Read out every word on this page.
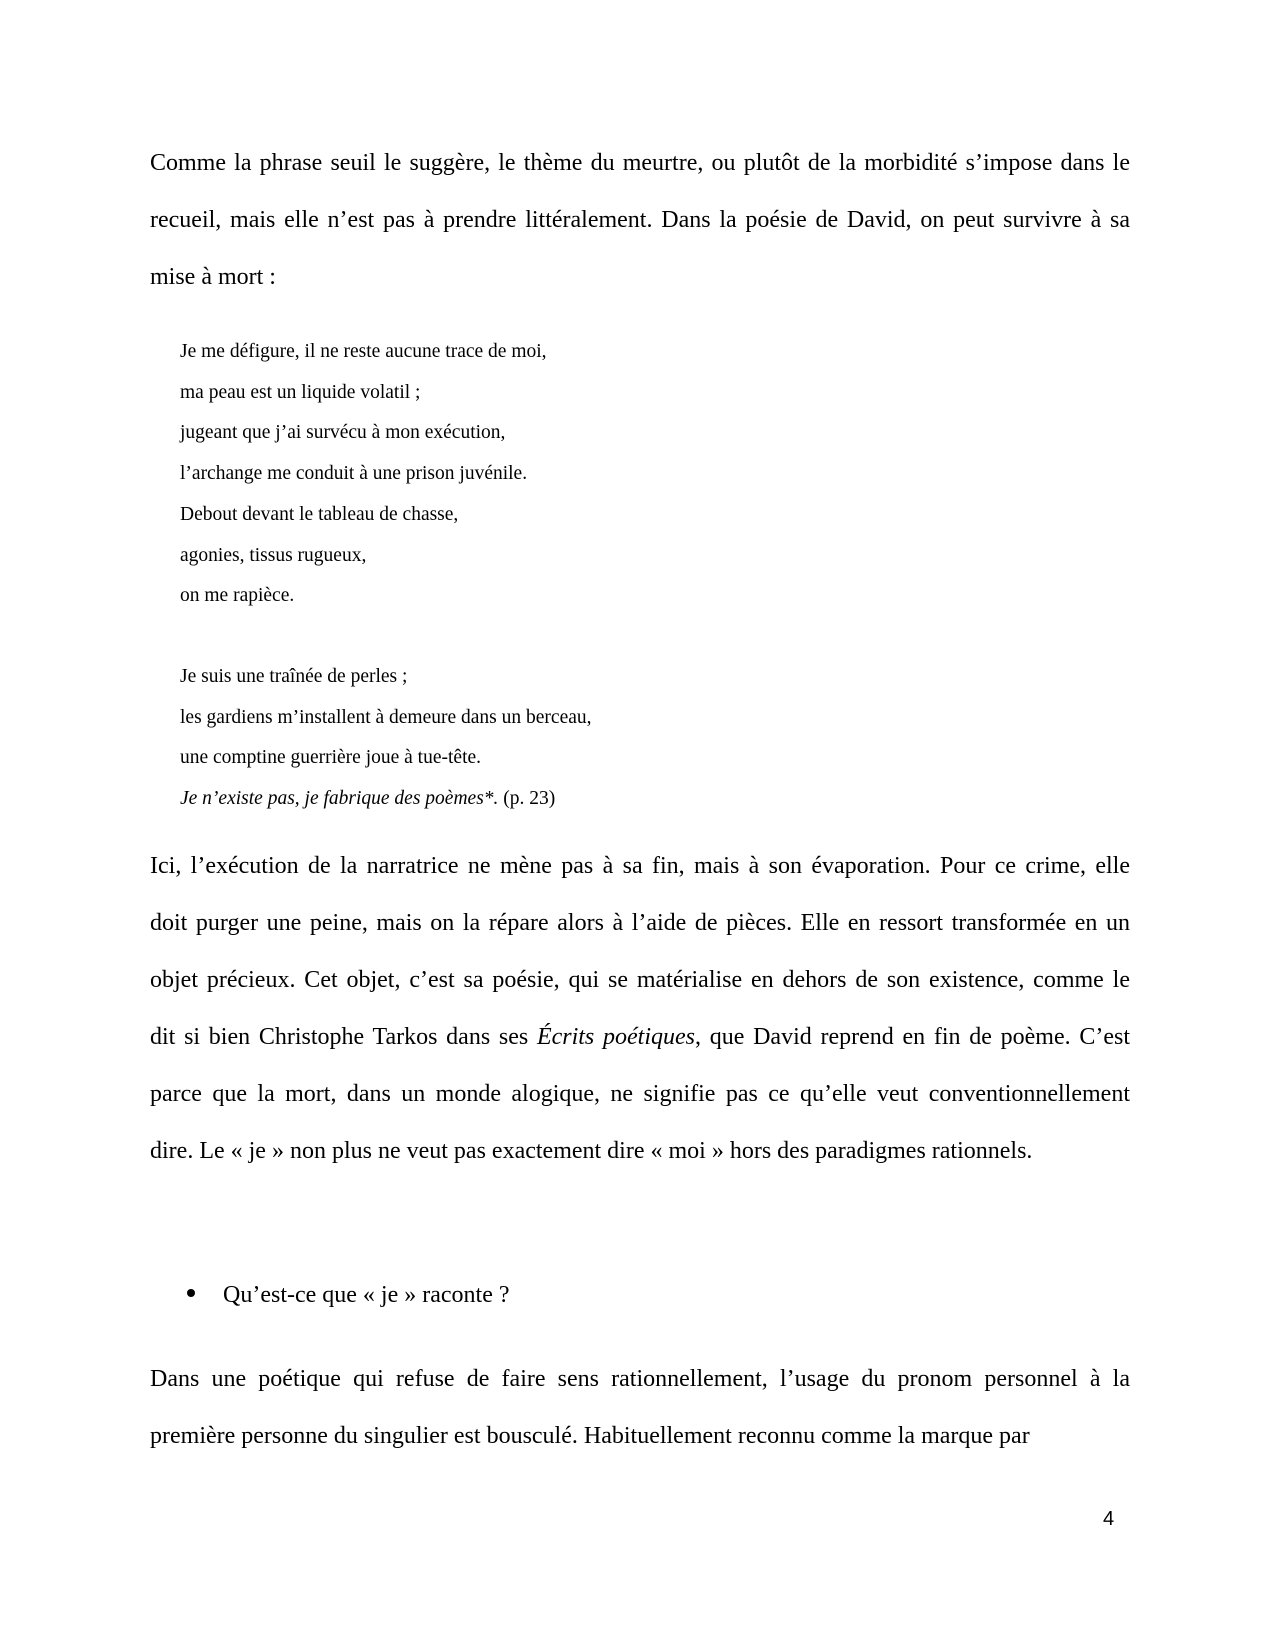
Comme la phrase seuil le suggère, le thème du meurtre, ou plutôt de la morbidité s’impose dans le
recueil, mais elle n’est pas à prendre littéralement. Dans la poésie de David, on peut survivre à sa
mise à mort :

Je me défigure, il ne reste aucune trace de moi,
ma peau est un liquide volatil ;
jugeant que j’ai survécu à mon exécution,
l’archange me conduit à une prison juvénile.
Debout devant le tableau de chasse,
agonies, tissus rugueux,
on me rapièce.
Je suis une traînée de perles ;
les gardiens m’installent à demeure dans un berceau,
une comptine guerrière joue à tue-tête.
Je n’existe pas, je fabrique des poèmes*. (p. 23)

Ici, l’exécution de la narratrice ne mène pas à sa fin, mais à son évaporation. Pour ce crime, elle
doit purger une peine, mais on la répare alors à l’aide de pièces. Elle en ressort transformée en un
objet précieux. Cet objet, c’est sa poésie, qui se matérialise en dehors de son existence, comme le
dit si bien Christophe Tarkos dans ses Écrits poétiques, que David reprend en fin de poème. C’est
parce que la mort, dans un monde alogique, ne signifie pas ce qu’elle veut conventionnellement
dire. Le « je » non plus ne veut pas exactement dire « moi » hors des paradigmes rationnels.

Qu’est-ce que « je » raconte ?

Dans une poétique qui refuse de faire sens rationnellement, l’usage du pronom personnel à la
première personne du singulier est bousculé. Habituellement reconnu comme la marque par

4
